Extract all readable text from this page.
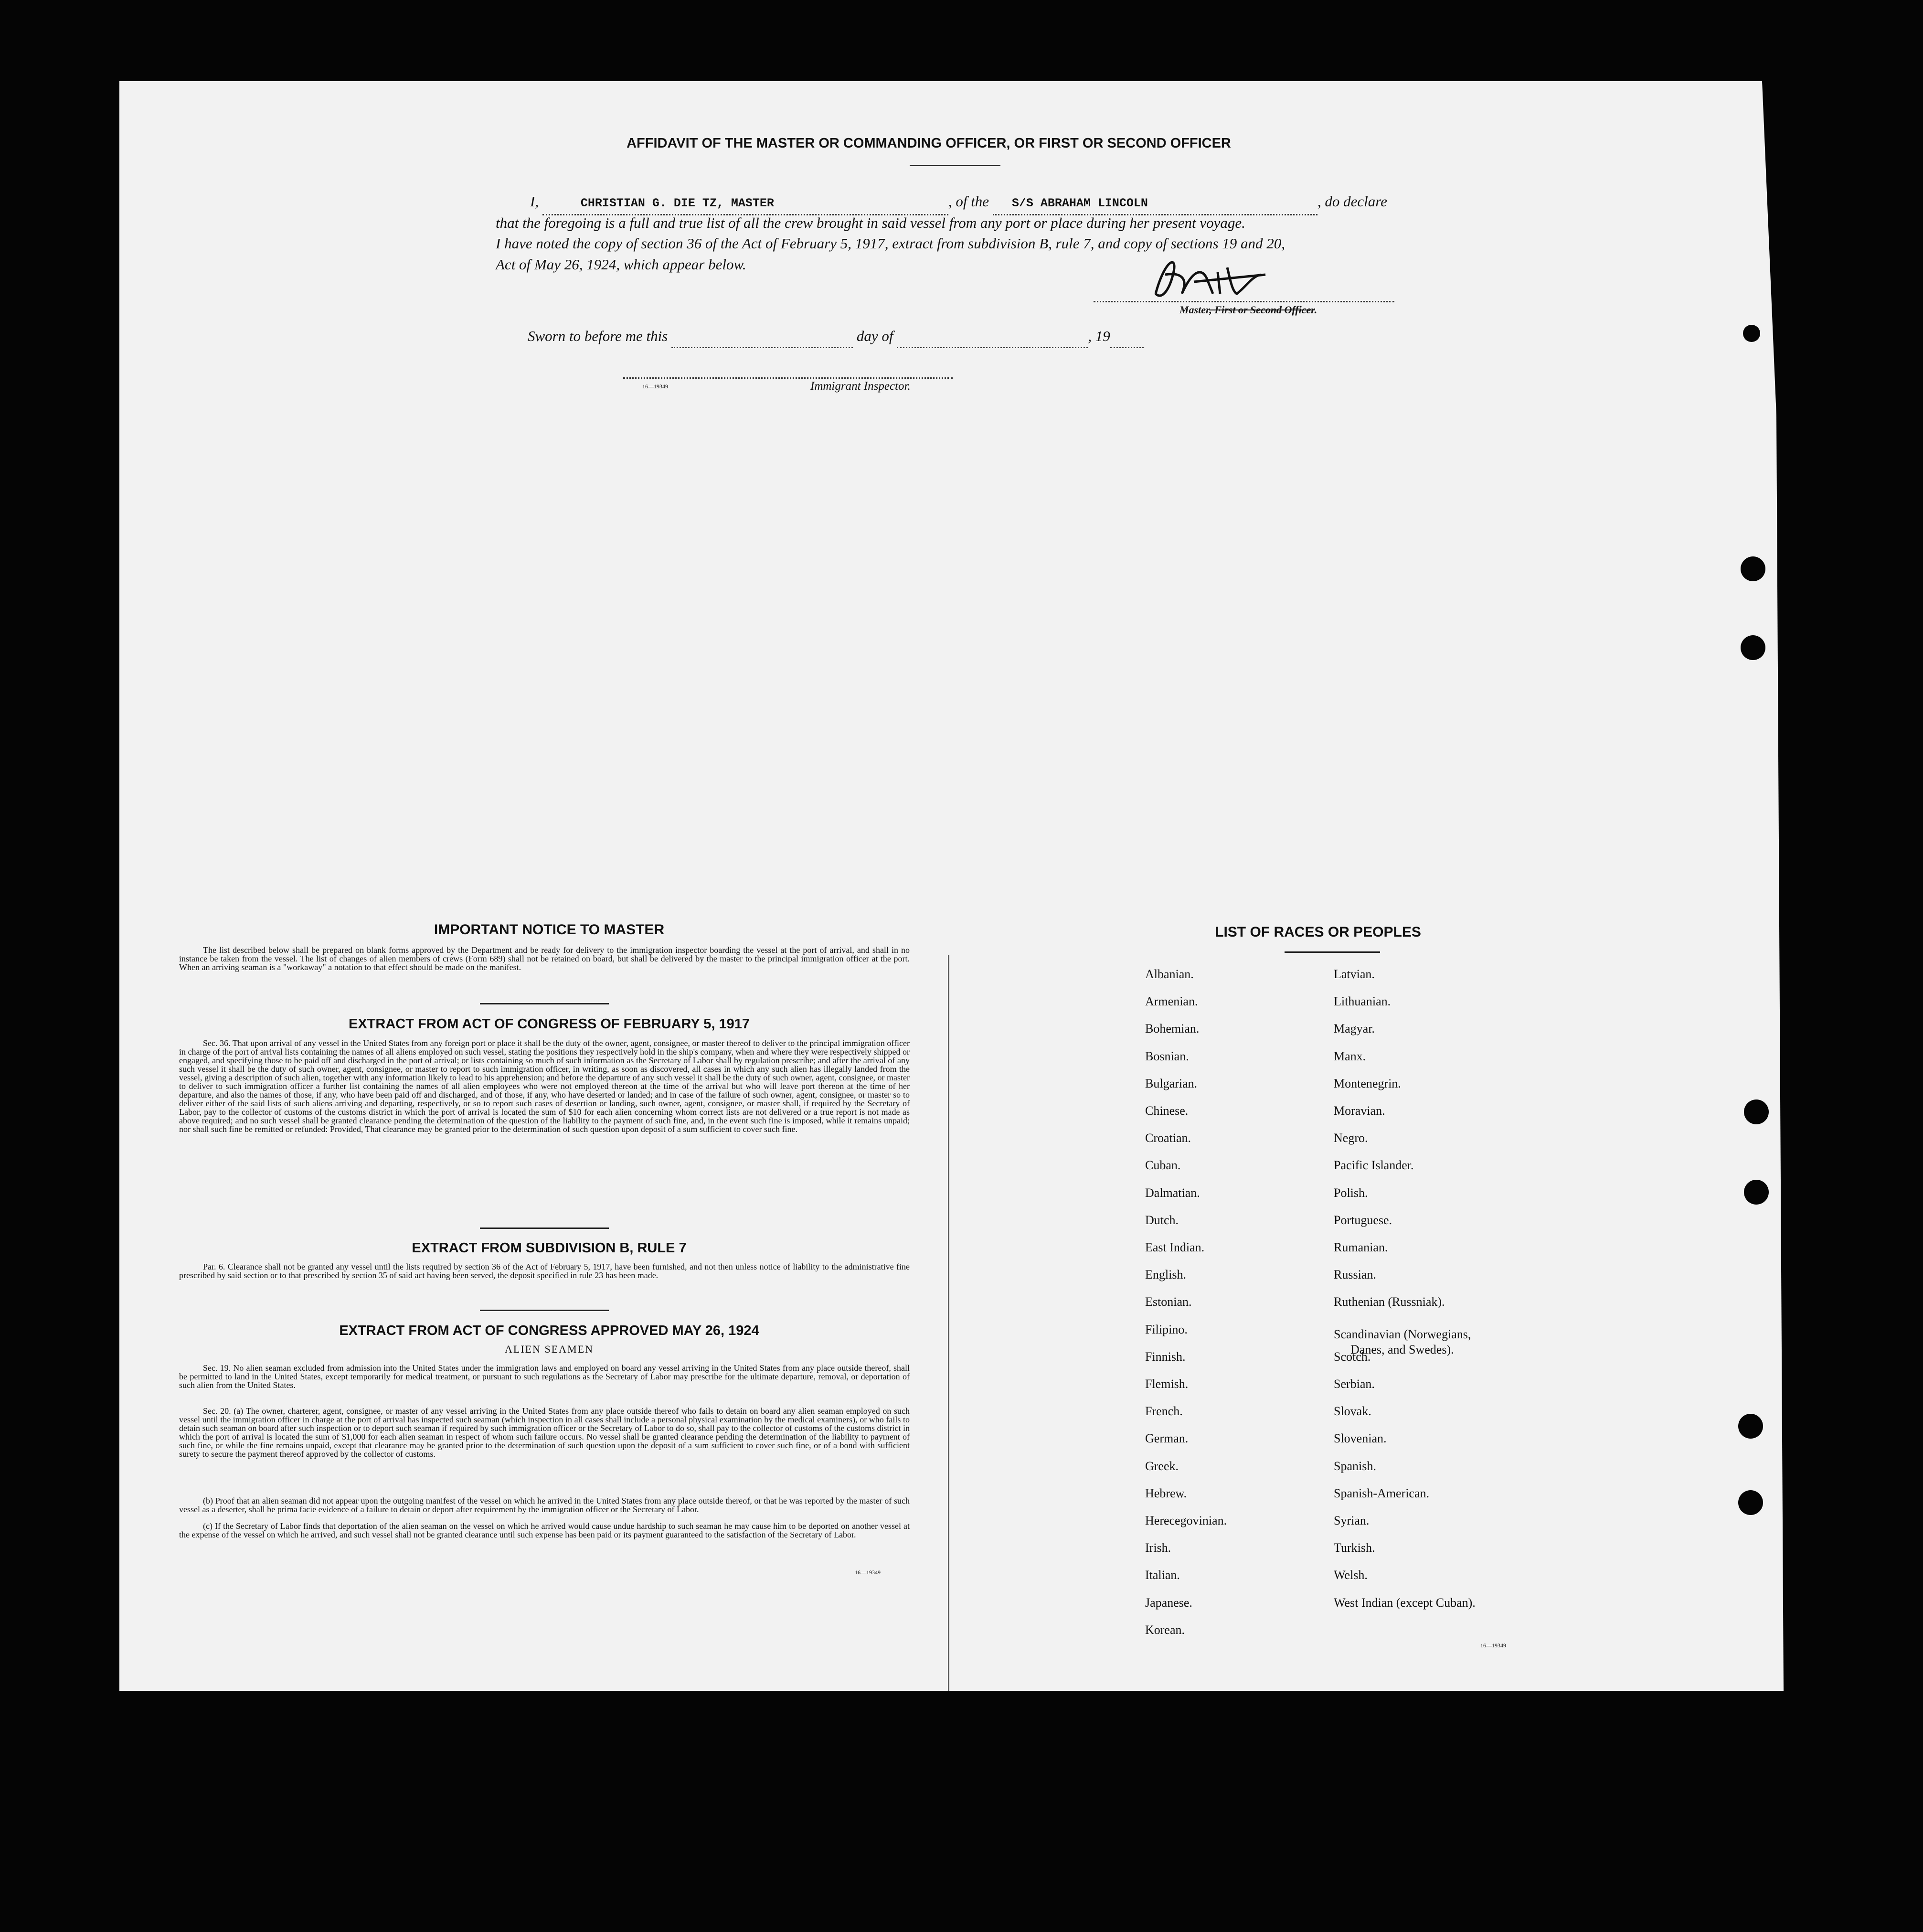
AFFIDAVIT OF THE MASTER OR COMMANDING OFFICER, OR FIRST OR SECOND OFFICER
I,	CHRISTIAN G. DIE TZ, MASTER	, of the S/S ABRAHAM LINCOLN	, do declare
that the foregoing is a full and true list of all the crew brought in said vessel from any port or place during her present voyage.
I have noted the copy of section 36 of the Act of February 5, 1917, extract from subdivision B, rule 7, and copy of sections 19 and 20,
Act of May 26, 1924, which appear below.
Master, First or Second Officer.
Sworn to before me this	day of	, 19
16—19349	Immigrant Inspector.
IMPORTANT NOTICE TO MASTER

The list described below shall be prepared on blank forms approved by the Department and be ready for delivery to the immigration inspector boarding the vessel at the port of arrival, and shall in no instance be taken from the vessel. The list of changes of alien members of crews (Form 689) shall not be retained on board, but shall be delivered by the master to the principal immigration officer at the port. When an arriving seaman is a "workaway" a notation to that effect should be made on the manifest.

EXTRACT FROM ACT OF CONGRESS OF FEBRUARY 5, 1917

Sec. 36. That upon arrival of any vessel in the United States from any foreign port or place it shall be the duty of the owner, agent, consignee, or master thereof to deliver to the principal immigration officer in charge of the port of arrival lists containing the names of all aliens employed on such vessel, stating the positions they respectively hold in the ship's company, when and where they were respectively shipped or engaged, and specifying those to be paid off and discharged in the port of arrival; or lists containing so much of such information as the Secretary of Labor shall by regulation prescribe; and after the arrival of any such vessel it shall be the duty of such owner, agent, consignee, or master to report to such immigration officer, in writing, as soon as discovered, all cases in which any such alien has illegally landed from the vessel, giving a description of such alien, together with any information likely to lead to his apprehension; and before the departure of any such vessel it shall be the duty of such owner, agent, consignee, or master to deliver to such immigration officer a further list containing the names of all alien employees who were not employed thereon at the time of the arrival but who will leave port thereon at the time of her departure, and also the names of those, if any, who have been paid off and discharged, and of those, if any, who have deserted or landed; and in case of the failure of such owner, agent, consignee, or master so to deliver either of the said lists of such aliens arriving and departing, respectively, or so to report such cases of desertion or landing, such owner, agent, consignee, or master shall, if required by the Secretary of Labor, pay to the collector of customs of the customs district in which the port of arrival is located the sum of $10 for each alien concerning whom correct lists are not delivered or a true report is not made as above required; and no such vessel shall be granted clearance pending the determination of the question of the liability to the payment of such fine, and, in the event such fine is imposed, while it remains unpaid; nor shall such fine be remitted or refunded: Provided, That clearance may be granted prior to the determination of such question upon deposit of a sum sufficient to cover such fine.

EXTRACT FROM SUBDIVISION B, RULE 7

Par. 6. Clearance shall not be granted any vessel until the lists required by section 36 of the Act of February 5, 1917, have been furnished, and not then unless notice of liability to the administrative fine prescribed by said section or to that prescribed by section 35 of said act having been served, the deposit specified in rule 23 has been made.

EXTRACT FROM ACT OF CONGRESS APPROVED MAY 26, 1924
ALIEN SEAMEN

Sec. 19. No alien seaman excluded from admission into the United States under the immigration laws and employed on board any vessel arriving in the United States from any place outside thereof, shall be permitted to land in the United States, except temporarily for medical treatment, or pursuant to such regulations as the Secretary of Labor may prescribe for the ultimate departure, removal, or deportation of such alien from the United States.

Sec. 20. (a) The owner, charterer, agent, consignee, or master of any vessel arriving in the United States from any place outside thereof who fails to detain on board any alien seaman employed on such vessel until the immigration officer in charge at the port of arrival has inspected such seaman (which inspection in all cases shall include a personal physical examination by the medical examiners), or who fails to detain such seaman on board after such inspection or to deport such seaman if required by such immigration officer or the Secretary of Labor to do so, shall pay to the collector of customs of the customs district in which the port of arrival is located the sum of $1,000 for each alien seaman in respect of whom such failure occurs. No vessel shall be granted clearance pending the determination of the liability to payment of such fine, or while the fine remains unpaid, except that clearance may be granted prior to the determination of such question upon the deposit of a sum sufficient to cover such fine, or of a bond with sufficient surety to secure the payment thereof approved by the collector of customs.

(b) Proof that an alien seaman did not appear upon the outgoing manifest of the vessel on which he arrived in the United States from any place outside thereof, or that he was reported by the master of such vessel as a deserter, shall be prima facie evidence of a failure to detain or deport after requirement by the immigration officer or the Secretary of Labor.

(c) If the Secretary of Labor finds that deportation of the alien seaman on the vessel on which he arrived would cause undue hardship to such seaman he may cause him to be deported on another vessel at the expense of the vessel on which he arrived, and such vessel shall not be granted clearance until such expense has been paid or its payment guaranteed to the satisfaction of the Secretary of Labor.

16—19349
LIST OF RACES OR PEOPLES
Albanian.
Armenian.
Bohemian.
Bosnian.
Bulgarian.
Chinese.
Croatian.
Cuban.
Dalmatian.
Dutch.
East Indian.
English.
Estonian.
Filipino.
Finnish.
Flemish.
French.
German.
Greek.
Hebrew.
Herecegovinian.
Irish.
Italian.
Japanese.
Korean.
Latvian.
Lithuanian.
Magyar.
Manx.
Montenegrin.
Moravian.
Negro.
Pacific Islander.
Polish.
Portuguese.
Rumanian.
Russian.
Ruthenian (Russniak).
Scandinavian (Norwegians,
Danes, and Swedes).
Scotch.
Serbian.
Slovak.
Slovenian.
Spanish.
Spanish-American.
Syrian.
Turkish.
Welsh.
West Indian (except Cuban).
16—19349
